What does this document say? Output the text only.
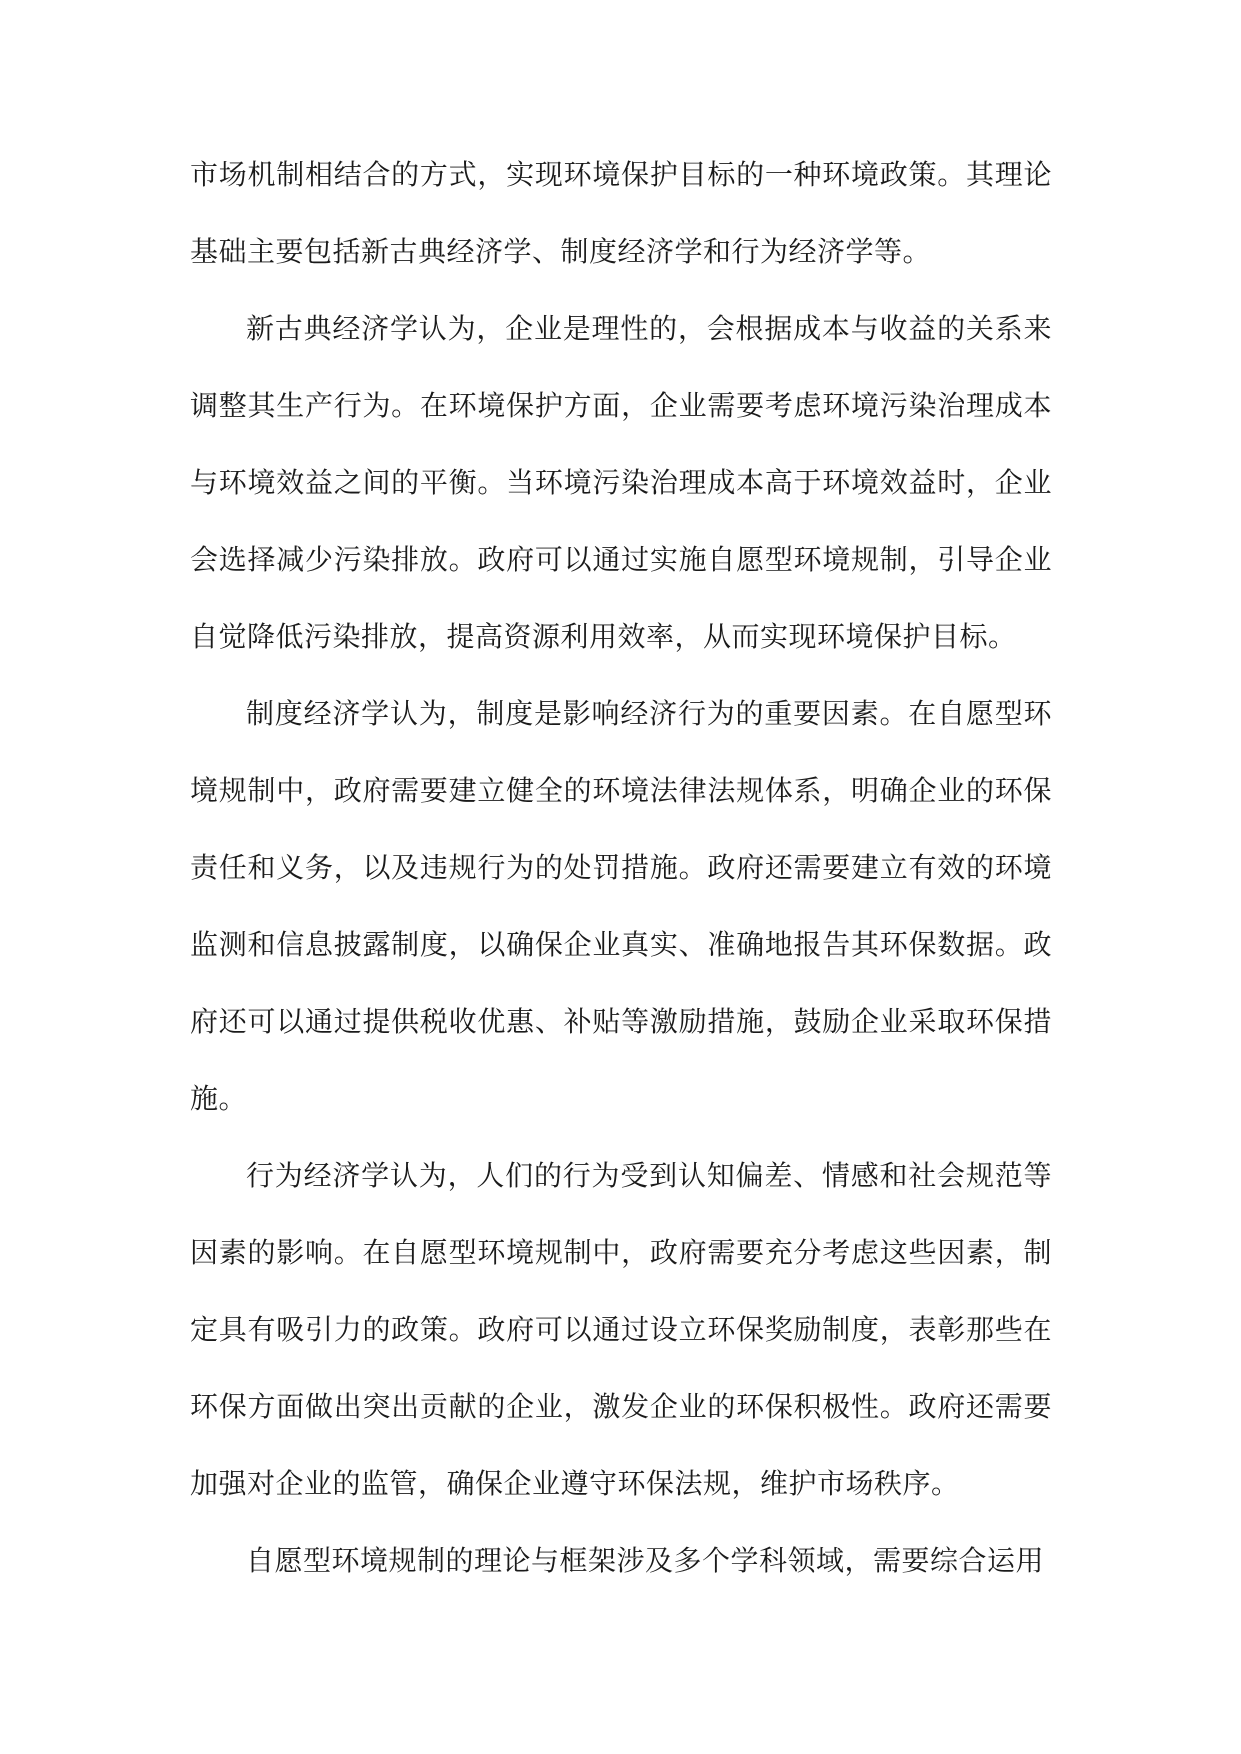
市场机制相结合的方式，实现环境保护目标的一种环境政策。其理论基础主要包括新古典经济学、制度经济学和行为经济学等。

新古典经济学认为，企业是理性的，会根据成本与收益的关系来调整其生产行为。在环境保护方面，企业需要考虑环境污染治理成本与环境效益之间的平衡。当环境污染治理成本高于环境效益时，企业会选择减少污染排放。政府可以通过实施自愿型环境规制，引导企业自觉降低污染排放，提高资源利用效率，从而实现环境保护目标。

制度经济学认为，制度是影响经济行为的重要因素。在自愿型环境规制中，政府需要建立健全的环境法律法规体系，明确企业的环保责任和义务，以及违规行为的处罚措施。政府还需要建立有效的环境监测和信息披露制度，以确保企业真实、准确地报告其环保数据。政府还可以通过提供税收优惠、补贴等激励措施，鼓励企业采取环保措施。

行为经济学认为，人们的行为受到认知偏差、情感和社会规范等因素的影响。在自愿型环境规制中，政府需要充分考虑这些因素，制定具有吸引力的政策。政府可以通过设立环保奖励制度，表彰那些在环保方面做出突出贡献的企业，激发企业的环保积极性。政府还需要加强对企业的监管，确保企业遵守环保法规，维护市场秩序。

自愿型环境规制的理论与框架涉及多个学科领域，需要综合运用
